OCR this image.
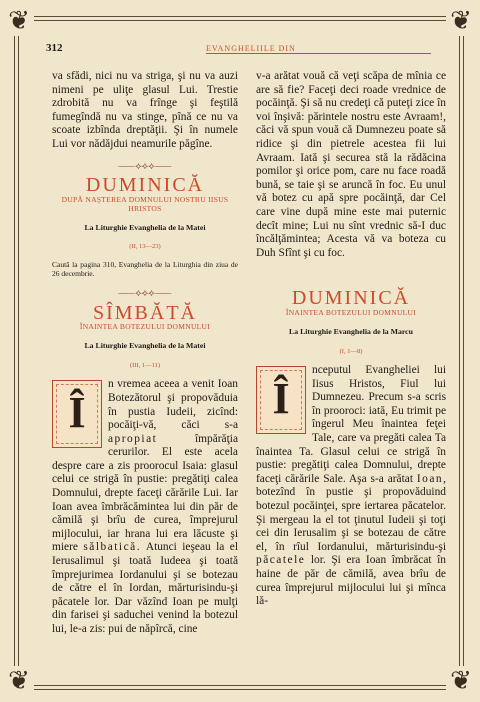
❦	❦
❦	❦
312	EVANGHELIILE DIN

va sfădi, nici nu va striga, şi nu va auzi nimeni pe uliţe glasul Lui. Trestie zdrobită nu va frînge şi feştilă fumegîndă nu va stinge, pînă ce nu va scoate izbînda dreptăţii. Şi în numele Lui vor nădăjdui neamurile păgîne.

⸺⟡⟡⟡⸺
DUMINICĂ
DUPĂ NAŞTEREA DOMNULUI NOSTRU IISUS HRISTOS
La Liturghie Evanghelia de la Matei
(II, 13—23)

Caută la pagina 310, Evanghelia de la Liturghia din ziua de 26 decembrie.

⸺⟡⟡⟡⸺
SÎMBĂTĂ
ÎNAINTEA BOTEZULUI DOMNULUI
La Liturghie Evanghelia de la Matei
(III, 1—11)
Î

n vremea aceea a venit Ioan Botezătorul şi propovăduia în pustia Iudeii, zicînd: pocăiţi-vă, căci s-a apropiat împărăţia cerurilor. El este acela despre care a zis proorocul Isaia: glasul celui ce strigă în pustie: pregătiţi calea Domnului, drepte faceţi cărările Lui. Iar Ioan avea îmbrăcămintea lui din păr de cămilă şi brîu de curea, împrejurul mijlocului, iar hrana lui era lăcuste şi miere sălbatică. Atunci ieşeau la el Ierusalimul şi toată Iudeea şi toată împrejurimea Iordanului şi se botezau de către el în Iordan, mărturisindu-şi păcatele lor. Dar văzînd Ioan pe mulţi din farisei şi saduchei venind la botezul lui, le-a zis: pui de năpîrcă, cine

v-a arătat vouă că veţi scăpa de mînia ce are să fie? Faceţi deci roade vrednice de pocăinţă. Şi să nu credeţi că puteţi zice în voi înşivă: părintele nostru este Avraam!, căci vă spun vouă că Dumnezeu poate să ridice şi din pietrele acestea fii lui Avraam. Iată şi securea stă la rădăcina pomilor şi orice pom, care nu face roadă bună, se taie şi se aruncă în foc. Eu unul vă botez cu apă spre pocăinţă, dar Cel care vine după mine este mai puternic decît mine; Lui nu sînt vrednic să-I duc încălţămintea; Acesta vă va boteza cu Duh Sfînt şi cu foc.

DUMINICĂ
ÎNAINTEA BOTEZULUI DOMNULUI
La Liturghie Evanghelia de la Marcu
(I, 1—8)
Î

nceputul Evangheliei lui Iisus Hristos, Fiul lui Dumnezeu. Precum s-a scris în prooroci: iată, Eu trimit pe îngerul Meu înaintea feţei Tale, care va pregăti calea Ta înaintea Ta. Glasul celui ce strigă în pustie: pregătiţi calea Domnului, drepte faceţi cărările Sale. Aşa s-a arătat Ioan, botezînd în pustie şi propovăduind botezul pocăinţei, spre iertarea păcatelor. Şi mergeau la el tot ţinutul Iudeii şi toţi cei din Ierusalim şi se botezau de către el, în rîul Iordanului, mărturisindu-şi păcatele lor. Şi era Ioan îmbrăcat în haine de păr de cămilă, avea brîu de curea împrejurul mijlocului lui şi mînca lă-
